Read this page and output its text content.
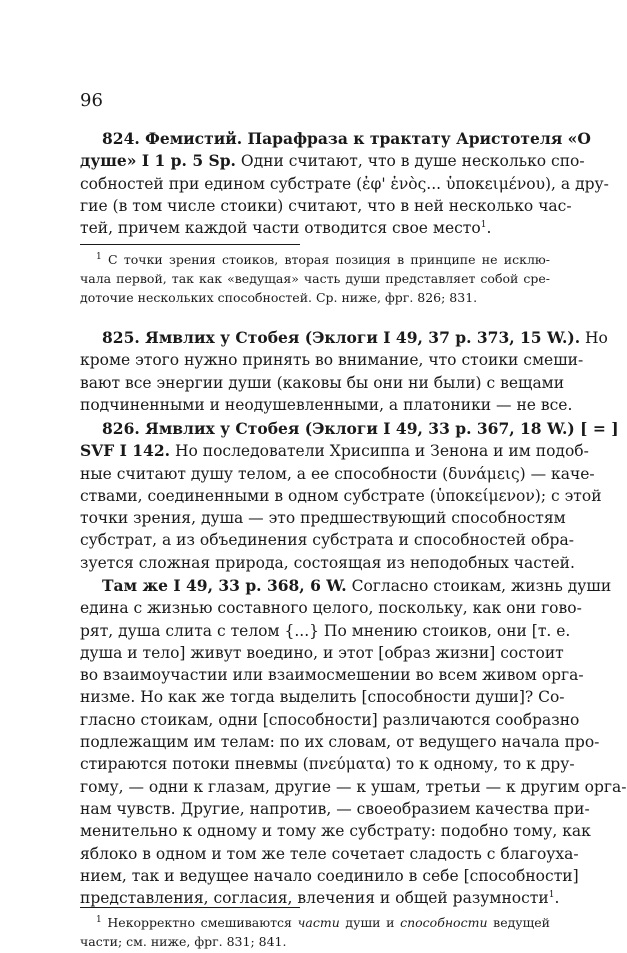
96
824. Фемистий. Парафраза к трактату Аристотеля «О
душе» I 1 p. 5 Sp. Одни считают, что в душе несколько спо-
собностей при едином субстрате (ἐφ' ἑνὸς... ὑποκειμένου), а дру-
гие (в том числе стоики) считают, что в ней несколько час-
тей, причем каждой части отводится свое место$^1$.
$^1$ С точки зрения стоиков, вторая позиция в принципе не исклю-
чала первой, так как «ведущая» часть души представляет собой сре-
доточие нескольких способностей. Ср. ниже, фрг. 826; 831.
825. Ямвлих у Стобея (Эклоги I 49, 37 p. 373, 15 W.). Но
кроме этого нужно принять во внимание, что стоики смеши-
вают все энергии души (каковы бы они ни были) с вещами
подчиненными и неодушевленными, а платоники — не все.
826. Ямвлих у Стобея (Эклоги I 49, 33 p. 367, 18 W.) [ = ]
SVF I 142. Но последователи Хрисиппа и Зенона и им подоб-
ные считают душу телом, а ее способности (δυνάμεις) — каче-
ствами, соединенными в одном субстрате (ὑποκείμενον); с этой
точки зрения, душа — это предшествующий способностям
субстрат, а из объединения субстрата и способностей обра-
зуется сложная природа, состоящая из неподобных частей.
Там же I 49, 33 p. 368, 6 W. Согласно стоикам, жизнь души
едина с жизнью составного целого, поскольку, как они гово-
рят, душа слита с телом {...} По мнению стоиков, они [т. е.
душа и тело] живут воедино, и этот [образ жизни] состоит
во взаимоучастии или взаимосмешении во всем живом орга-
низме. Но как же тогда выделить [способности души]? Со-
гласно стоикам, одни [способности] различаются сообразно
подлежащим им телам: по их словам, от ведущего начала про-
стираются потоки пневмы (πνεύματα) то к одному, то к дру-
гому, — одни к глазам, другие — к ушам, третьи — к другим орга-
нам чувств. Другие, напротив, — своеобразием качества при-
менительно к одному и тому же субстрату: подобно тому, как
яблоко в одном и том же теле сочетает сладость с благоуха-
нием, так и ведущее начало соединило в себе [способности]
представления, согласия, влечения и общей разумности$^1$.
$^1$ Некорректно смешиваются части души и способности ведущей
части; см. ниже, фрг. 831; 841.
